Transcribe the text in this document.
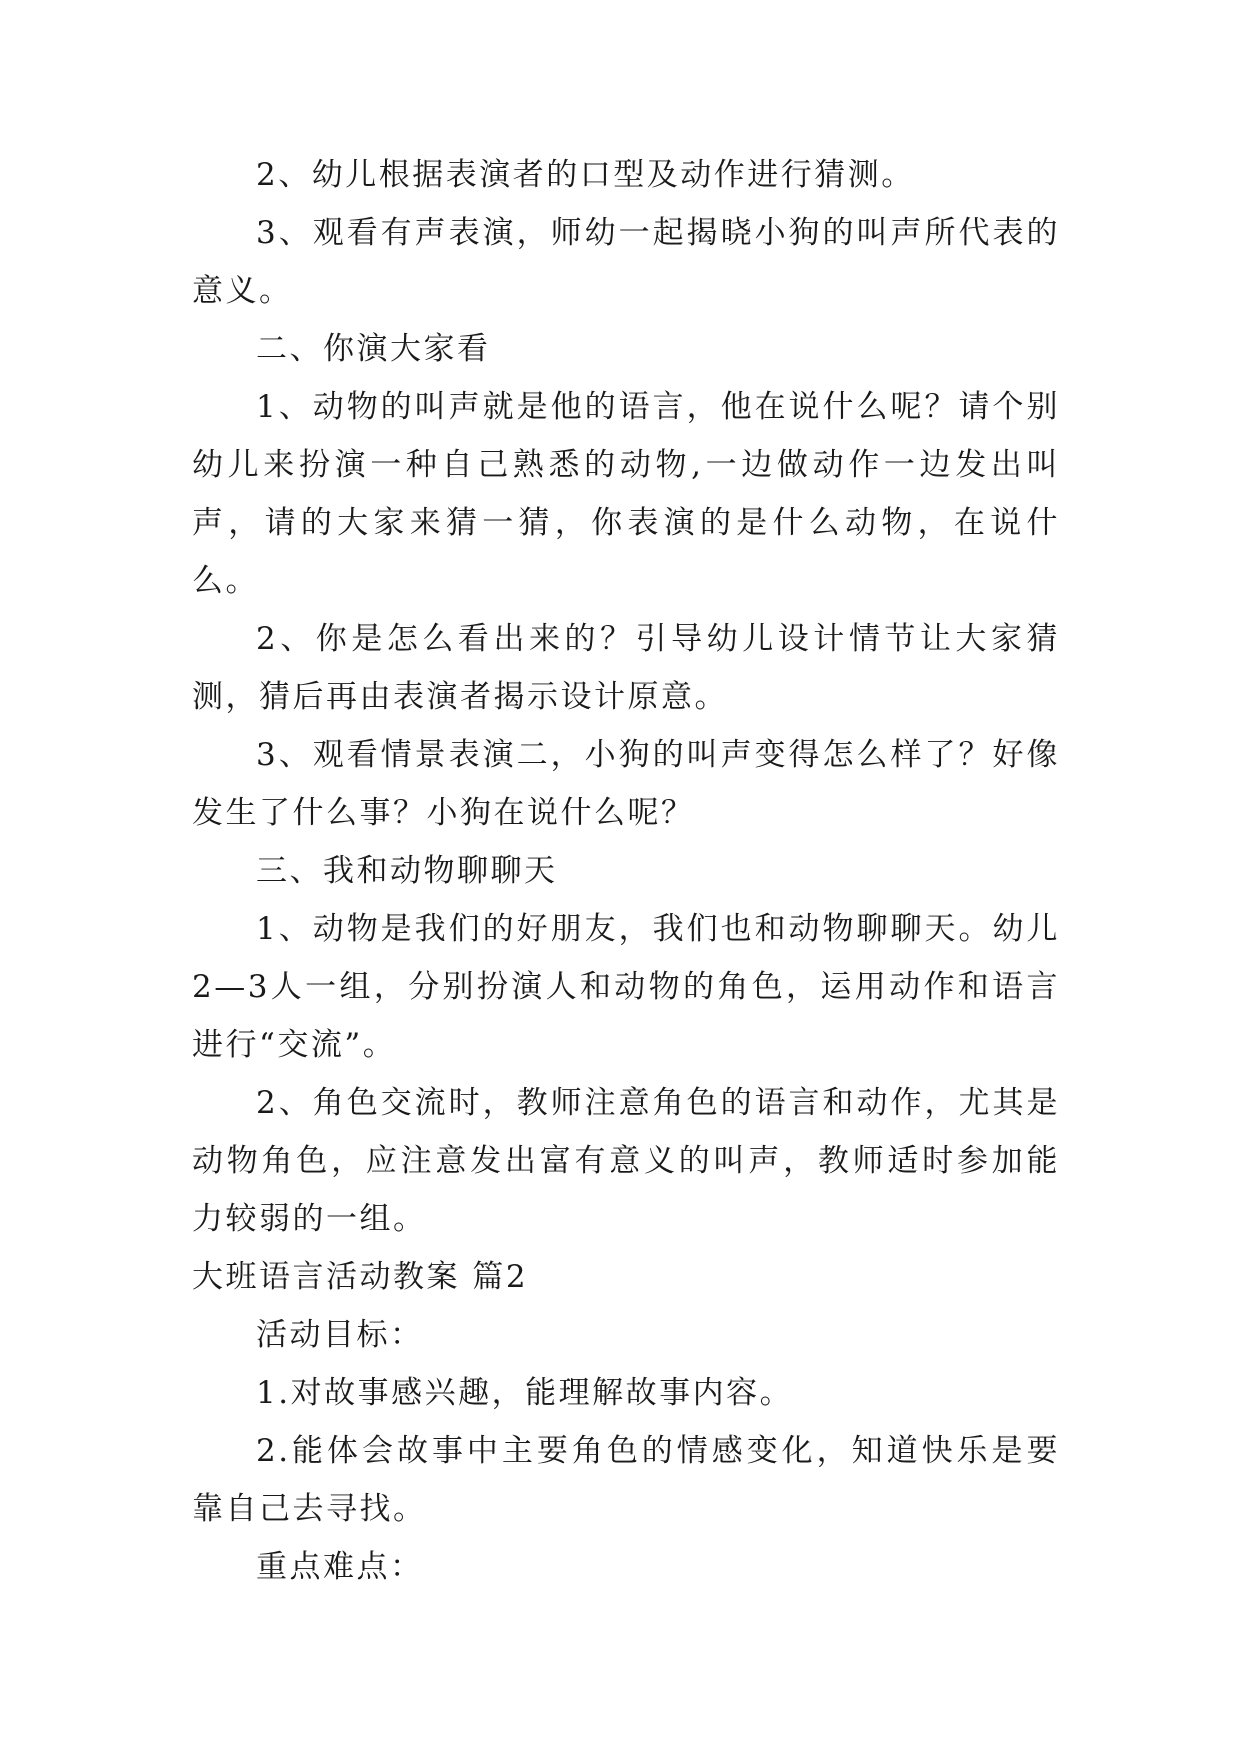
2、幼儿根据表演者的口型及动作进行猜测。

3、观看有声表演，师幼一起揭晓小狗的叫声所代表的意义。

二、你演大家看

1、动物的叫声就是他的语言，他在说什么呢？请个别幼儿来扮演一种自己熟悉的动物,一边做动作一边发出叫声，请的大家来猜一猜，你表演的是什么动物，在说什么。

2、你是怎么看出来的？引导幼儿设计情节让大家猜测，猜后再由表演者揭示设计原意。

3、观看情景表演二，小狗的叫声变得怎么样了？好像发生了什么事？小狗在说什么呢？

三、我和动物聊聊天

1、动物是我们的好朋友，我们也和动物聊聊天。幼儿2—3人一组，分别扮演人和动物的角色，运用动作和语言进行“交流”。

2、角色交流时，教师注意角色的语言和动作，尤其是动物角色，应注意发出富有意义的叫声，教师适时参加能力较弱的一组。

大班语言活动教案 篇2

活动目标：

1.对故事感兴趣，能理解故事内容。

2.能体会故事中主要角色的情感变化，知道快乐是要靠自己去寻找。

重点难点：
